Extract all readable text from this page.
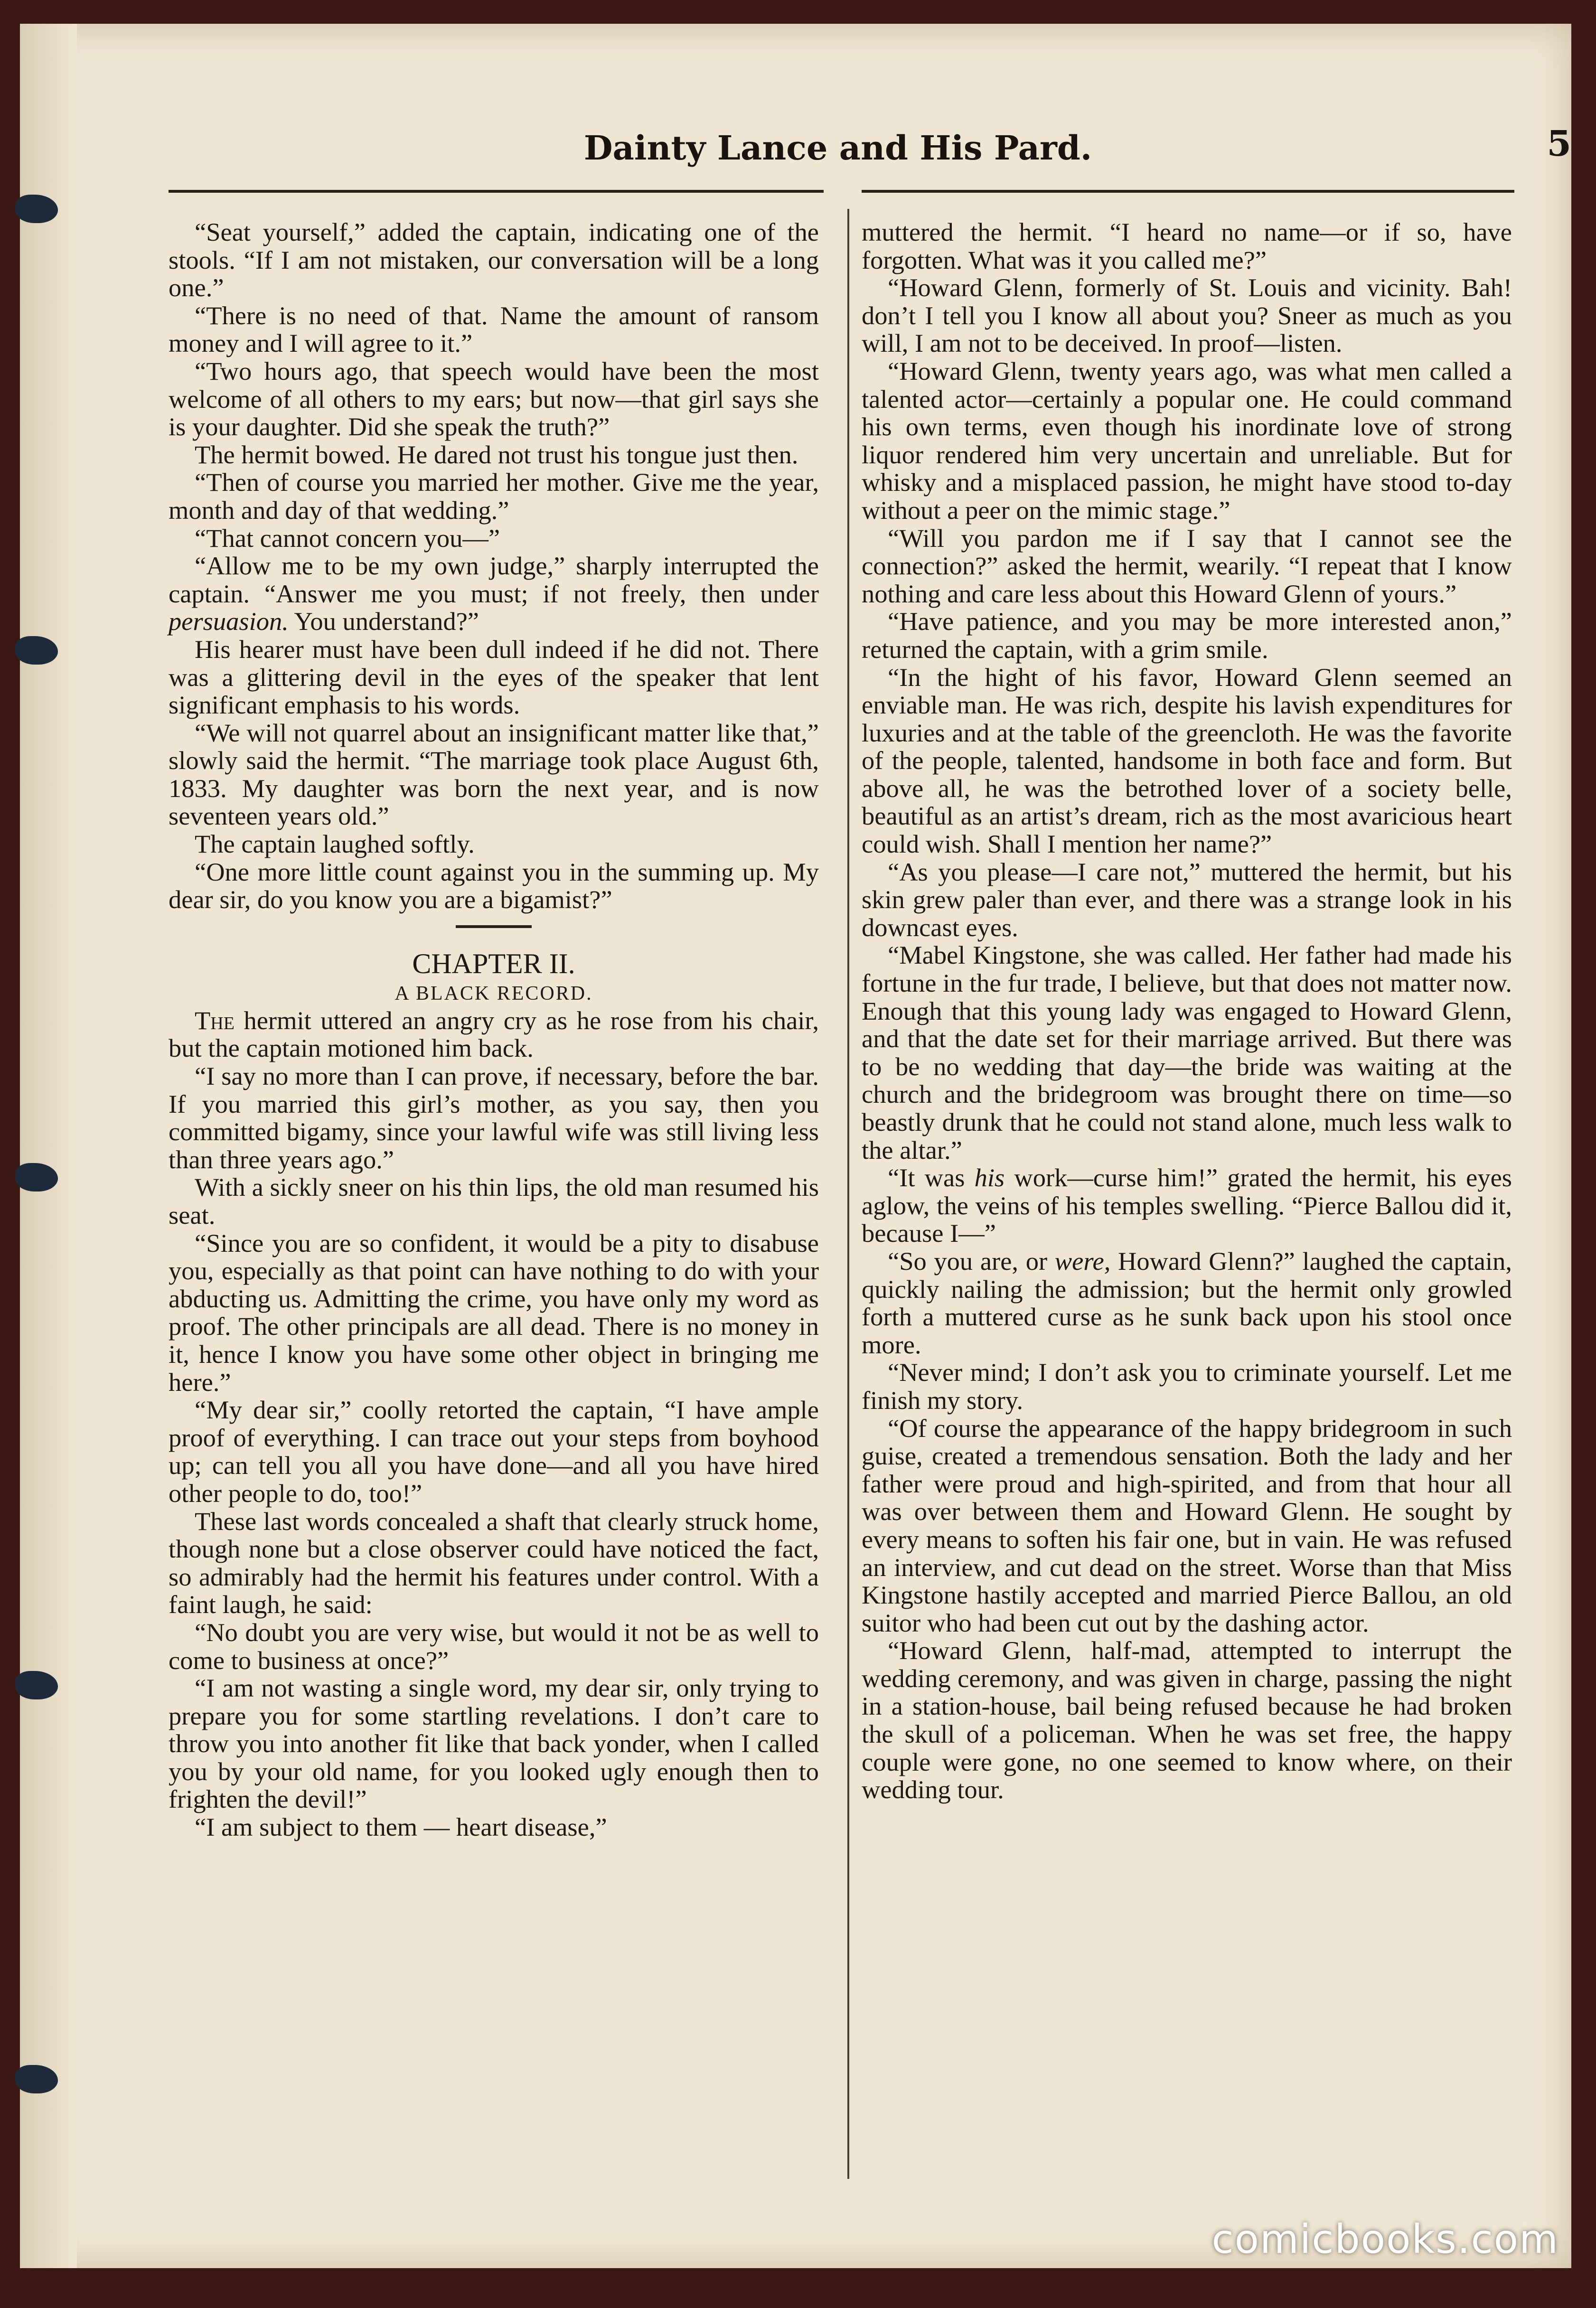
Dainty Lance and His Pard.	5

“Seat yourself,” added the captain, indicating one of the stools. “If I am not mistaken, our conversation will be a long one.”

“There is no need of that. Name the amount of ransom money and I will agree to it.”

“Two hours ago, that speech would have been the most welcome of all others to my ears; but now—that girl says she is your daughter. Did she speak the truth?”

The hermit bowed. He dared not trust his tongue just then.

“Then of course you married her mother. Give me the year, month and day of that wedding.”

“That cannot concern you—”

“Allow me to be my own judge,” sharply interrupted the captain. “Answer me you must; if not freely, then under persuasion. You understand?”

His hearer must have been dull indeed if he did not. There was a glittering devil in the eyes of the speaker that lent significant emphasis to his words.

“We will not quarrel about an insignificant matter like that,” slowly said the hermit. “The marriage took place August 6th, 1833. My daughter was born the next year, and is now seventeen years old.”

The captain laughed softly.

“One more little count against you in the summing up. My dear sir, do you know you are a bigamist?”

CHAPTER II.

A BLACK RECORD.

The hermit uttered an angry cry as he rose from his chair, but the captain motioned him back.

“I say no more than I can prove, if necessary, before the bar. If you married this girl’s mother, as you say, then you committed bigamy, since your lawful wife was still living less than three years ago.”

With a sickly sneer on his thin lips, the old man resumed his seat.

“Since you are so confident, it would be a pity to disabuse you, especially as that point can have nothing to do with your abducting us. Admitting the crime, you have only my word as proof. The other principals are all dead. There is no money in it, hence I know you have some other object in bringing me here.”

“My dear sir,” coolly retorted the captain, “I have ample proof of everything. I can trace out your steps from boyhood up; can tell you all you have done—and all you have hired other people to do, too!”

These last words concealed a shaft that clearly struck home, though none but a close observer could have noticed the fact, so admirably had the hermit his features under control. With a faint laugh, he said:

“No doubt you are very wise, but would it not be as well to come to business at once?”

“I am not wasting a single word, my dear sir, only trying to prepare you for some startling revelations. I don’t care to throw you into another fit like that back yonder, when I called you by your old name, for you looked ugly enough then to frighten the devil!”

“I am subject to them — heart disease,”

muttered the hermit. “I heard no name—or if so, have forgotten. What was it you called me?”

“Howard Glenn, formerly of St. Louis and vicinity. Bah! don’t I tell you I know all about you? Sneer as much as you will, I am not to be deceived. In proof—listen.

“Howard Glenn, twenty years ago, was what men called a talented actor—certainly a popular one. He could command his own terms, even though his inordinate love of strong liquor rendered him very uncertain and unreliable. But for whisky and a misplaced passion, he might have stood to-day without a peer on the mimic stage.”

“Will you pardon me if I say that I cannot see the connection?” asked the hermit, wearily. “I repeat that I know nothing and care less about this Howard Glenn of yours.”

“Have patience, and you may be more interested anon,” returned the captain, with a grim smile.

“In the hight of his favor, Howard Glenn seemed an enviable man. He was rich, despite his lavish expenditures for luxuries and at the table of the greencloth. He was the favorite of the people, talented, handsome in both face and form. But above all, he was the betrothed lover of a society belle, beautiful as an artist’s dream, rich as the most avaricious heart could wish. Shall I mention her name?”

“As you please—I care not,” muttered the hermit, but his skin grew paler than ever, and there was a strange look in his downcast eyes.

“Mabel Kingstone, she was called. Her father had made his fortune in the fur trade, I believe, but that does not matter now. Enough that this young lady was engaged to Howard Glenn, and that the date set for their marriage arrived. But there was to be no wedding that day—the bride was waiting at the church and the bridegroom was brought there on time—so beastly drunk that he could not stand alone, much less walk to the altar.”

“It was his work—curse him!” grated the hermit, his eyes aglow, the veins of his temples swelling. “Pierce Ballou did it, because I—”

“So you are, or were, Howard Glenn?” laughed the captain, quickly nailing the admission; but the hermit only growled forth a muttered curse as he sunk back upon his stool once more.

“Never mind; I don’t ask you to criminate yourself. Let me finish my story.

“Of course the appearance of the happy bridegroom in such guise, created a tremendous sensation. Both the lady and her father were proud and high-spirited, and from that hour all was over between them and Howard Glenn. He sought by every means to soften his fair one, but in vain. He was refused an interview, and cut dead on the street. Worse than that Miss Kingstone hastily accepted and married Pierce Ballou, an old suitor who had been cut out by the dashing actor.

“Howard Glenn, half-mad, attempted to interrupt the wedding ceremony, and was given in charge, passing the night in a station-house, bail being refused because he had broken the skull of a policeman. When he was set free, the happy couple were gone, no one seemed to know where, on their wedding tour.

comicbooks.com
